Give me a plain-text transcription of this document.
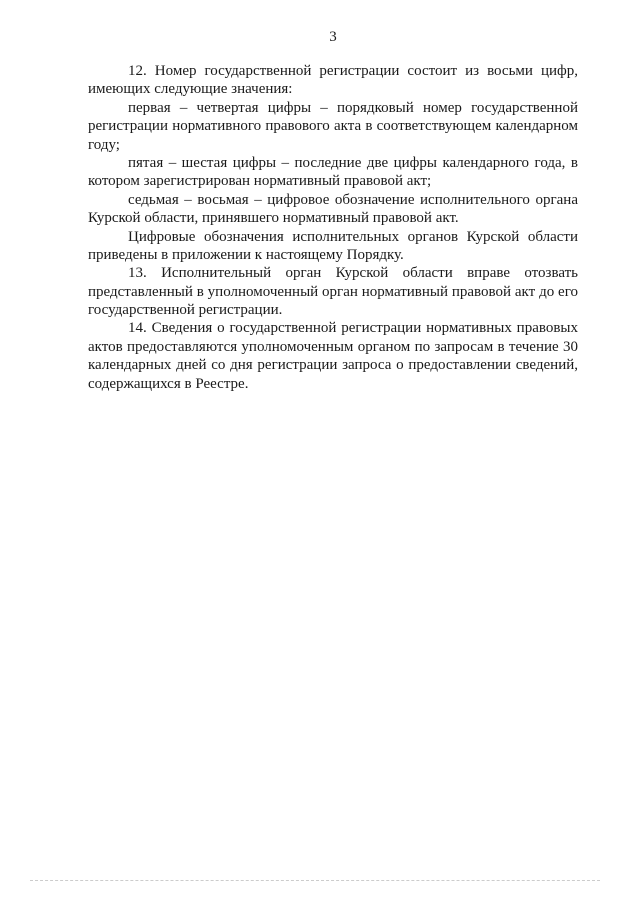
3
12. Номер государственной регистрации состоит из восьми цифр,
имеющих следующие значения:
первая – четвертая цифры – порядковый номер государственной
регистрации нормативного правового акта в соответствующем календарном
году;
пятая – шестая цифры – последние две цифры календарного года, в
котором зарегистрирован нормативный правовой акт;
седьмая – восьмая – цифровое обозначение исполнительного органа
Курской области, принявшего нормативный правовой акт.
Цифровые обозначения исполнительных органов Курской области
приведены в приложении к настоящему Порядку.
13. Исполнительный орган Курской области вправе отозвать
представленный в уполномоченный орган нормативный правовой акт до его
государственной регистрации.
14. Сведения о государственной регистрации нормативных правовых
актов предоставляются уполномоченным органом по запросам в течение 30
календарных дней со дня регистрации запроса о предоставлении сведений,
содержащихся в Реестре.
